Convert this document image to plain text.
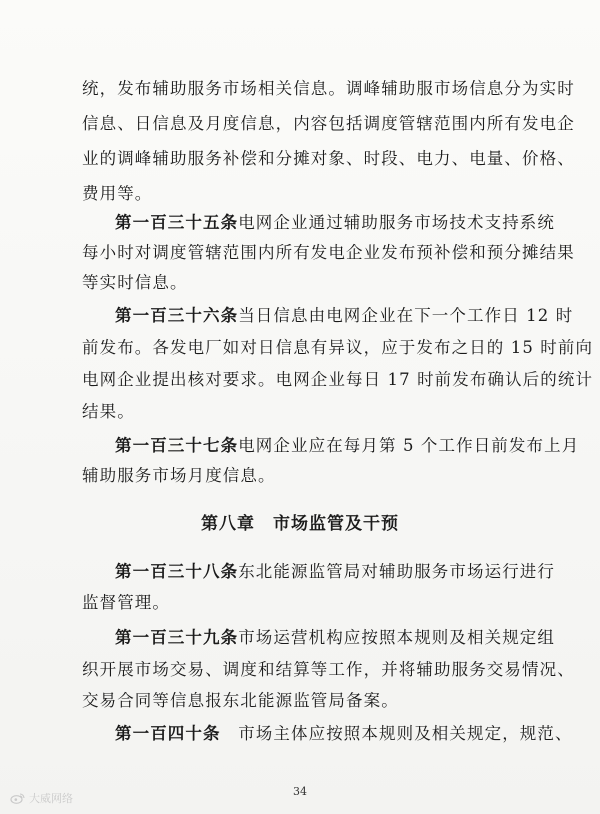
统，发布辅助服务市场相关信息。调峰辅助服市场信息分为实时
信息、日信息及月度信息，内容包括调度管辖范围内所有发电企
业的调峰辅助服务补偿和分摊对象、时段、电力、电量、价格、
费用等。
第一百三十五条电网企业通过辅助服务市场技术支持系统
每小时对调度管辖范围内所有发电企业发布预补偿和预分摊结果
等实时信息。
第一百三十六条当日信息由电网企业在下一个工作日 12 时
前发布。各发电厂如对日信息有异议，应于发布之日的 15 时前向
电网企业提出核对要求。电网企业每日 17 时前发布确认后的统计
结果。
第一百三十七条电网企业应在每月第 5 个工作日前发布上月
辅助服务市场月度信息。
第八章　市场监管及干预
第一百三十八条东北能源监管局对辅助服务市场运行进行
监督管理。
第一百三十九条市场运营机构应按照本规则及相关规定组
织开展市场交易、调度和结算等工作，并将辅助服务交易情况、
交易合同等信息报东北能源监管局备案。
第一百四十条　市场主体应按照本规则及相关规定，规范、
34
大威网络
